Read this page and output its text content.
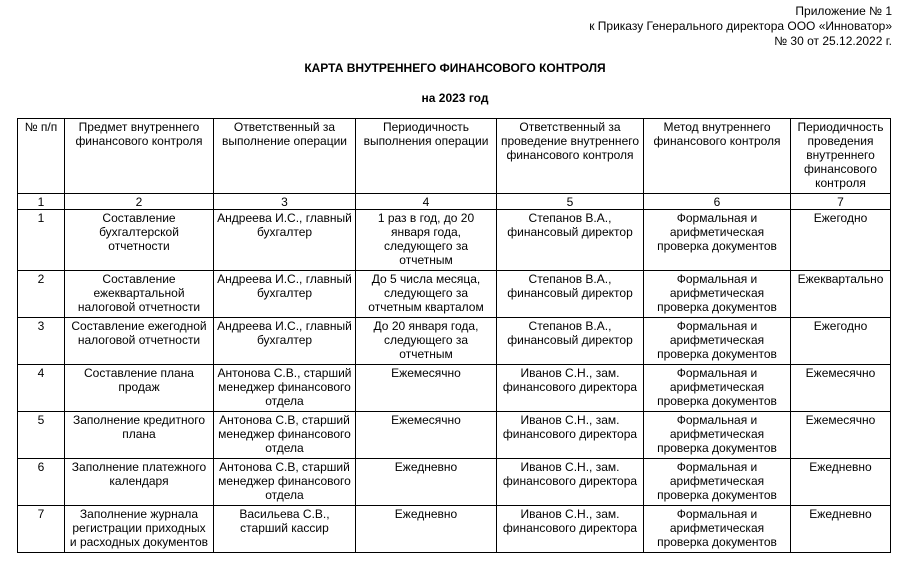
Приложение № 1
к Приказу Генерального директора ООО «Инноватор»
№ 30 от 25.12.2022 г.
КАРТА ВНУТРЕННЕГО ФИНАНСОВОГО КОНТРОЛЯ
на 2023 год
№ п/п	Предмет внутреннего финансового контроля	Ответственный за выполнение операции	Периодичность выполнения операции	Ответственный за проведение внутреннего финансового контроля	Метод внутреннего финансового контроля	Периодичность проведения внутреннего финансового контроля
1	2	3	4	5	6	7
1	Составление бухгалтерской отчетности	Андреева И.С., главный бухгалтер	1 раз в год, до 20 января года, следующего за отчетным	Степанов В.А., финансовый директор	Формальная и арифметическая проверка документов	Ежегодно
2	Составление ежеквартальной налоговой отчетности	Андреева И.С., главный бухгалтер	До 5 числа месяца, следующего за отчетным кварталом	Степанов В.А., финансовый директор	Формальная и арифметическая проверка документов	Ежеквартально
3	Составление ежегодной налоговой отчетности	Андреева И.С., главный бухгалтер	До 20 января года, следующего за отчетным	Степанов В.А., финансовый директор	Формальная и арифметическая проверка документов	Ежегодно
4	Составление плана продаж	Антонова С.В., старший менеджер финансового отдела	Ежемесячно	Иванов С.Н., зам. финансового директора	Формальная и арифметическая проверка документов	Ежемесячно
5	Заполнение кредитного плана	Антонова С.В, старший менеджер финансового отдела	Ежемесячно	Иванов С.Н., зам. финансового директора	Формальная и арифметическая проверка документов	Ежемесячно
6	Заполнение платежного календаря	Антонова С.В, старший менеджер финансового отдела	Ежедневно	Иванов С.Н., зам. финансового директора	Формальная и арифметическая проверка документов	Ежедневно
7	Заполнение журнала регистрации приходных и расходных документов	Васильева С.В., старший кассир	Ежедневно	Иванов С.Н., зам. финансового директора	Формальная и арифметическая проверка документов	Ежедневно
